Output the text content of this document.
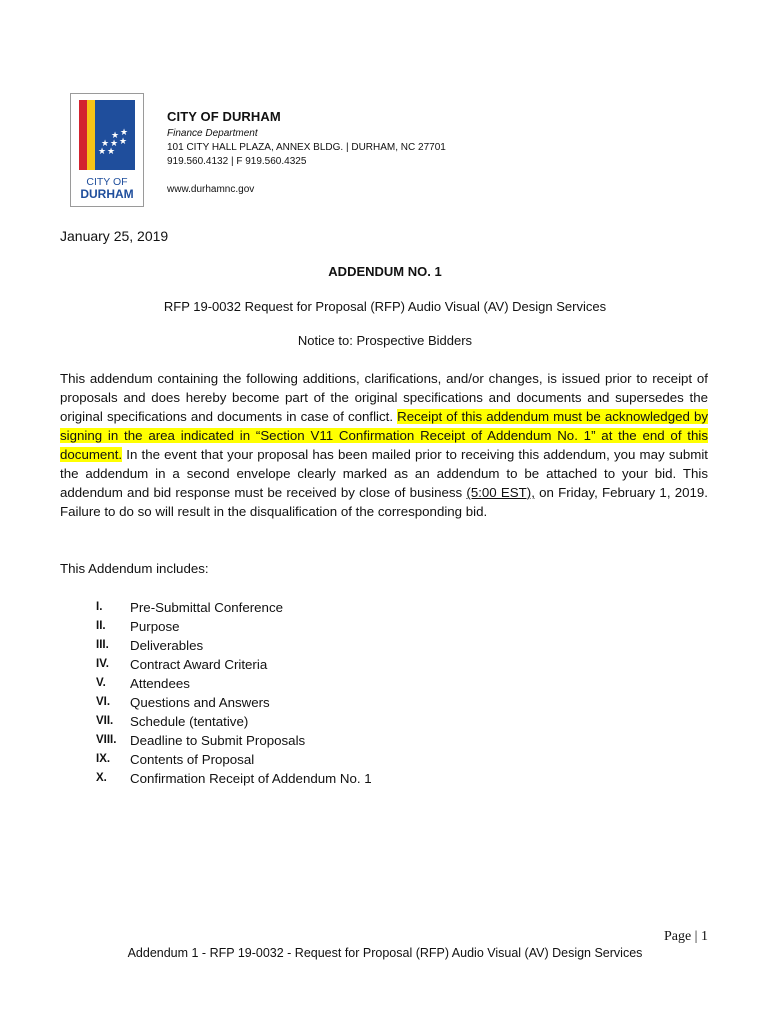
★ ★
★ ★ ★
★ ★
CITY OF
DURHAM
CITY OF DURHAM
Finance Department
101 CITY HALL PLAZA, ANNEX BLDG. | DURHAM, NC 27701
919.560.4132 | F 919.560.4325
www.durhamnc.gov
January 25, 2019
ADDENDUM NO. 1
RFP 19-0032 Request for Proposal (RFP) Audio Visual (AV) Design Services
Notice to: Prospective Bidders

This addendum containing the following additions, clarifications, and/or changes, is issued prior to receipt of proposals and does hereby become part of the original specifications and documents and supersedes the original specifications and documents in case of conflict. Receipt of this addendum must be acknowledged by signing in the area indicated in “Section V11 Confirmation Receipt of Addendum No. 1” at the end of this document. In the event that your proposal has been mailed prior to receiving this addendum, you may submit the addendum in a second envelope clearly marked as an addendum to be attached to your bid. This addendum and bid response must be received by close of business (5:00 EST), on Friday, February 1, 2019. Failure to do so will result in the disqualification of the corresponding bid.

This Addendum includes:
I.	Pre-Submittal Conference
II.	Purpose
III.	Deliverables
IV.	Contract Award Criteria
V.	Attendees
VI.	Questions and Answers
VII.	Schedule (tentative)
VIII.	Deadline to Submit Proposals
IX.	Contents of Proposal
X.	Confirmation Receipt of Addendum No. 1
Page | 1
Addendum 1 - RFP 19-0032 - Request for Proposal (RFP) Audio Visual (AV) Design Services
